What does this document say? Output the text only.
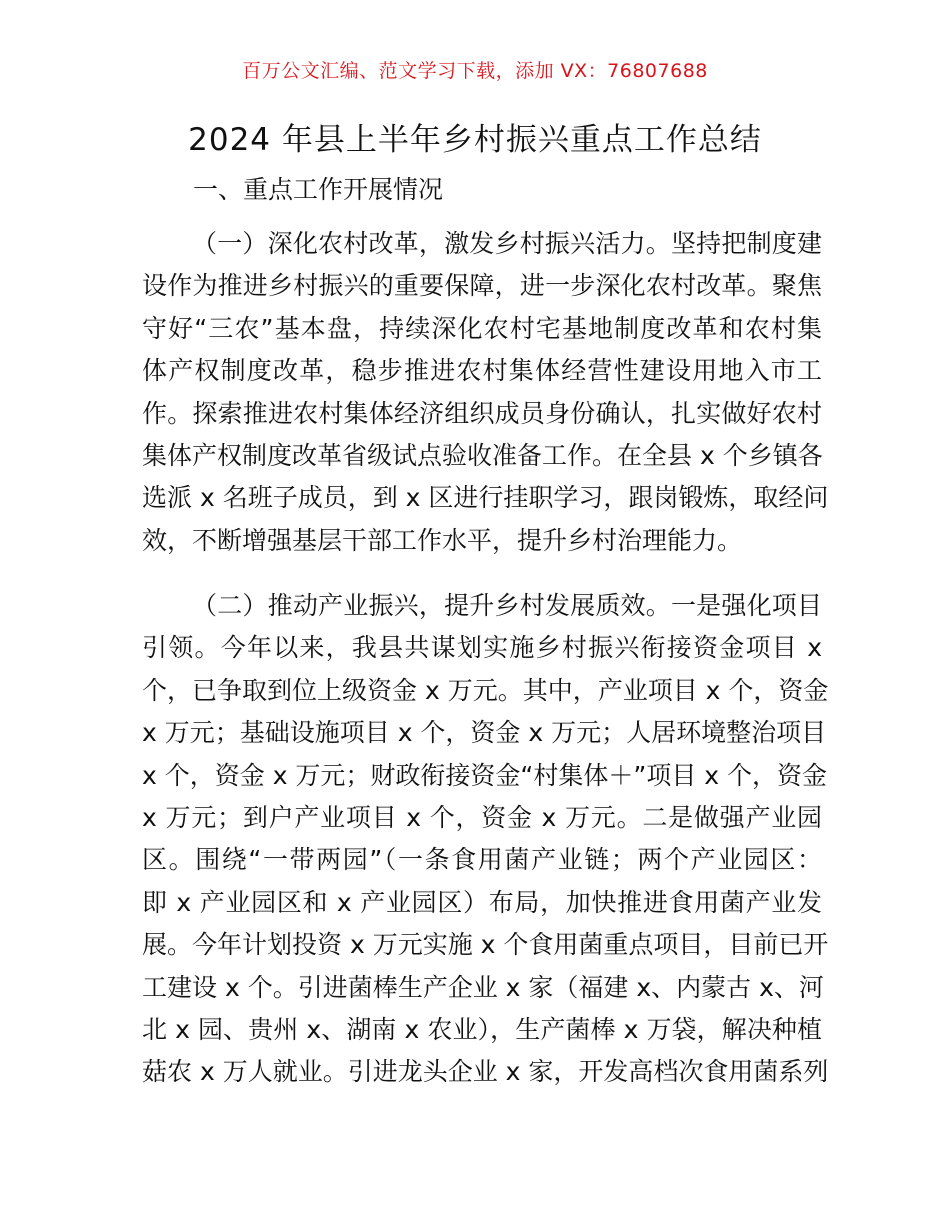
百万公文汇编、范文学习下载，添加 VX：76807688
2024 年县上半年乡村振兴重点工作总结
一、重点工作开展情况
（一）深化农村改革，激发乡村振兴活力。坚持把制度建
设作为推进乡村振兴的重要保障，进一步深化农村改革。聚焦
守好“三农”基本盘，持续深化农村宅基地制度改革和农村集
体产权制度改革，稳步推进农村集体经营性建设用地入市工
作。探索推进农村集体经济组织成员身份确认，扎实做好农村
集体产权制度改革省级试点验收准备工作。在全县 x 个乡镇各
选派 x 名班子成员，到 x 区进行挂职学习，跟岗锻炼，取经问
效，不断增强基层干部工作水平，提升乡村治理能力。
（二）推动产业振兴，提升乡村发展质效。一是强化项目
引领。今年以来，我县共谋划实施乡村振兴衔接资金项目 x
个，已争取到位上级资金 x 万元。其中，产业项目 x 个，资金
x 万元；基础设施项目 x 个，资金 x 万元；人居环境整治项目
x 个，资金 x 万元；财政衔接资金“村集体＋”项目 x 个，资金
x 万元；到户产业项目 x 个，资金 x 万元。二是做强产业园
区。围绕“一带两园”（一条食用菌产业链；两个产业园区：
即 x 产业园区和 x 产业园区）布局，加快推进食用菌产业发
展。今年计划投资 x 万元实施 x 个食用菌重点项目，目前已开
工建设 x 个。引进菌棒生产企业 x 家（福建 x、内蒙古 x、河
北 x 园、贵州 x、湖南 x 农业），生产菌棒 x 万袋，解决种植
菇农 x 万人就业。引进龙头企业 x 家，开发高档次食用菌系列
